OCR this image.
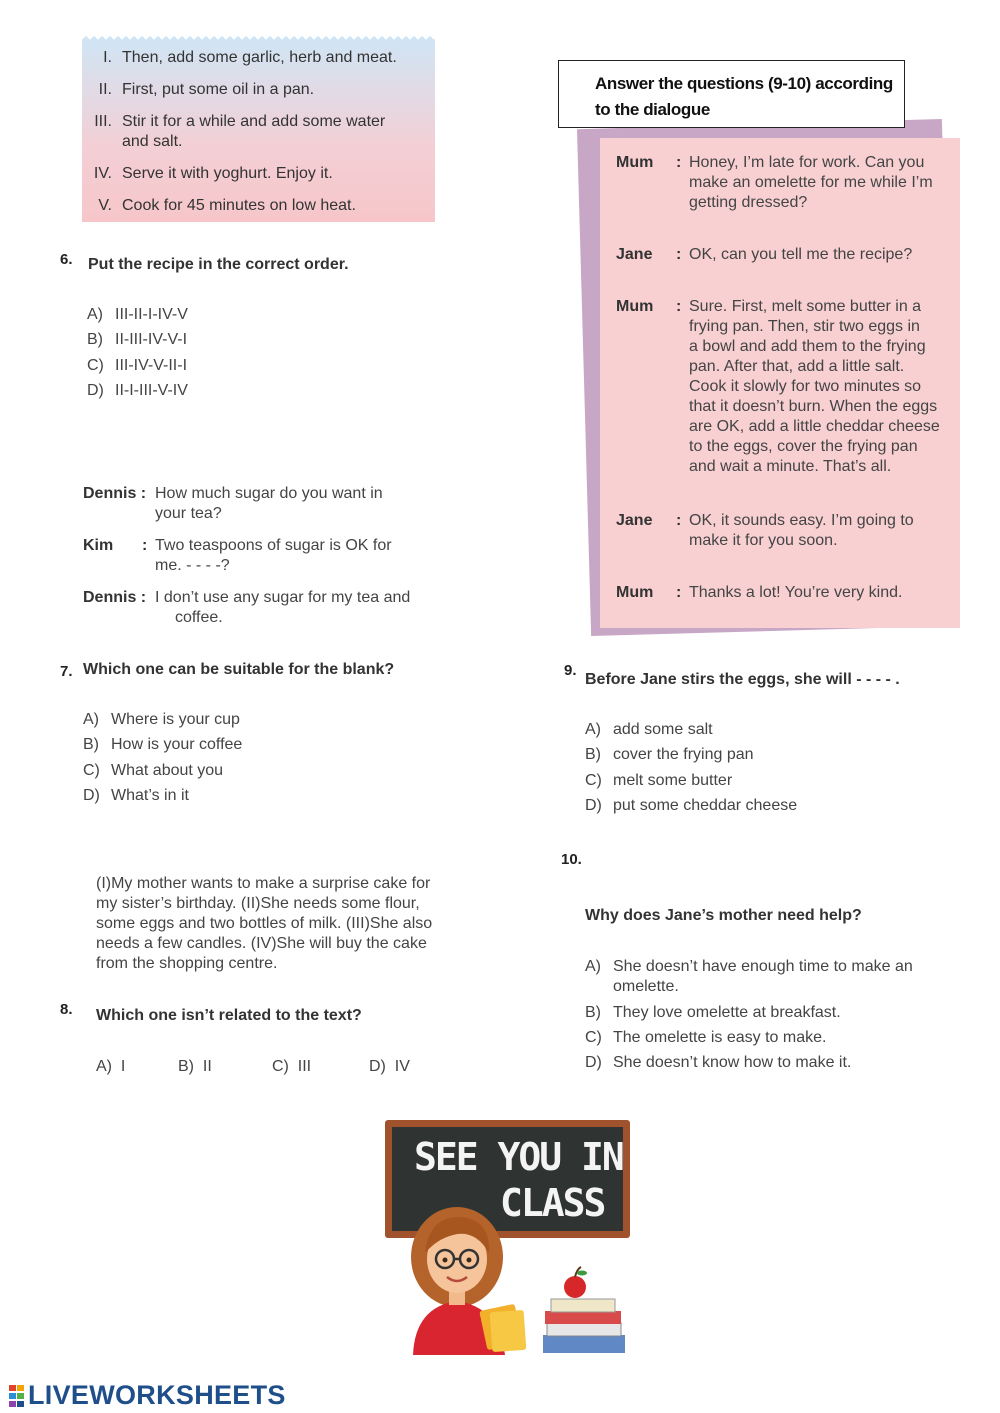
I. Then, add some garlic, herb and meat.
II. First, put some oil in a pan.
III. Stir it for a while and add some water
and salt.
IV. Serve it with yoghurt. Enjoy it.
V. Cook for 45 minutes on low heat.
6. Put the recipe in the correct order.
A) III-II-I-IV-V
B) II-III-IV-V-I
C) III-IV-V-II-I
D) II-I-III-V-IV
Dennis : How much sugar do you want in
your tea?
Kim : Two teaspoons of sugar is OK for
me. - - - -?
Dennis : I don’t use any sugar for my tea and
coffee.
7. Which one can be suitable for the blank?
A) Where is your cup
B) How is your coffee
C) What about you
D) What’s in it
(I)My mother wants to make a surprise cake for
my sister’s birthday. (II)She needs some flour,
some eggs and two bottles of milk. (III)She also
needs a few candles. (IV)She will buy the cake
from the shopping centre.
8. Which one isn’t related to the text?
A) I	B) II	C) III	D) IV
Mum : Honey, I’m late for work. Can you
make an omelette for me while I’m
getting dressed?
Jane : OK, can you tell me the recipe?
Mum : Sure. First, melt some butter in a
frying pan. Then, stir two eggs in
a bowl and add them to the frying
pan. After that, add a little salt.
Cook it slowly for two minutes so
that it doesn’t burn. When the eggs
are OK, add a little cheddar cheese
to the eggs, cover the frying pan
and wait a minute. That’s all.
Jane : OK, it sounds easy. I’m going to
make it for you soon.
Mum : Thanks a lot! You’re very kind.
Answer the questions (9-10) according
to the dialogue
9.
Before Jane stirs the eggs, she will - - - - .
A) add some salt
B) cover the frying pan
C) melt some butter
D) put some cheddar cheese
10.
Why does Jane’s mother need help?
A) She doesn’t have enough time to make an
omelette.
B) They love omelette at breakfast.
C) The omelette is easy to make.
D) She doesn’t know how to make it.
SEE YOU IN
CLASS
LIVEWORKSHEETS
